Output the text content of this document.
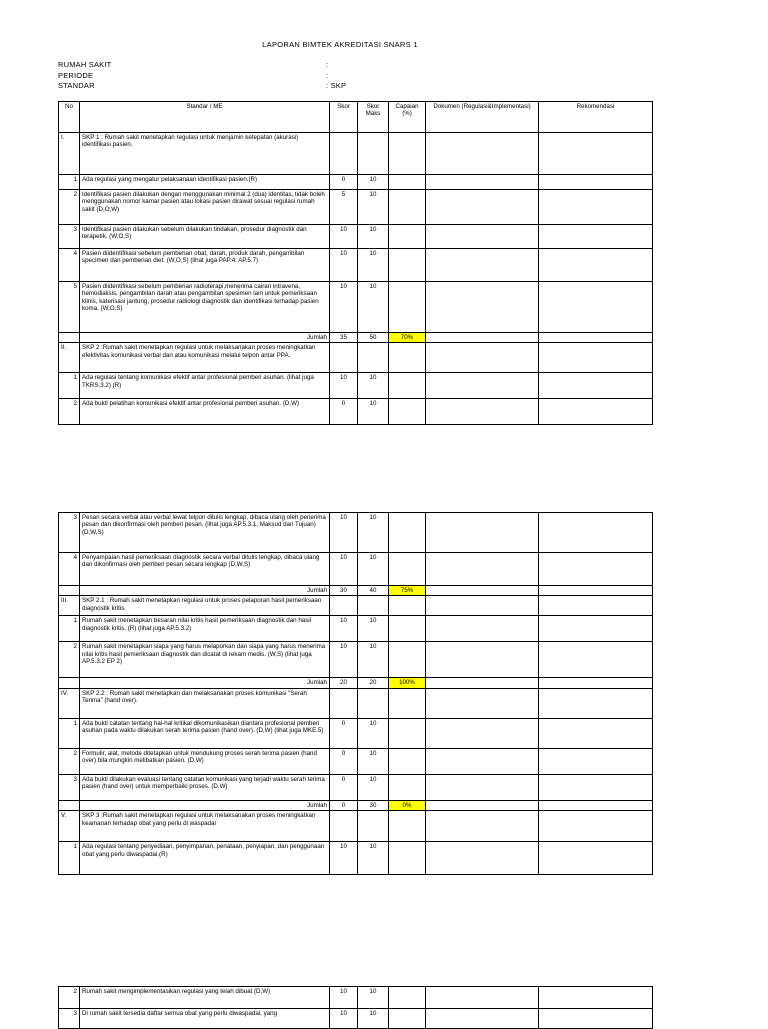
LAPORAN BIMTEK AKREDITASI SNARS 1
RUMAH SAKIT	:
PERIODE	:
STANDAR	: SKP
No	Standar / ME	Skor	Skor Maks	Capaian (%)	Dokumen (Regulasi&Implementasi)	Rekomendasi
I.	SKP 1 : Rumah sakit menetapkan regulasi untuk menjamin ketepatan (akurasi) identifikasi pasien.					
1	Ada regulasi yang mengatur pelaksanaan identifikasi pasien.(R)	0	10			
2	Identifikasi pasien dilakukan dengan menggunakan minimal 2 (dua) identitas, tidak boleh menggunakan nomor kamar pasien atau lokasi pasien dirawat sesuai regulasi rumah sakit (D,O,W)	5	10			
3	Identifikasi pasien dilakukan sebelum dilakukan tindakan, prosedur diagnostik dan terapetik. (W,O,S)	10	10			
4	Pasien diidentifikasi sebelum pemberian obat, darah, produk darah, pengambilan specimen dan pemberian diet. (W,O,S) (lihat juga PAP.4; AP.5.7)	10	10			
5	Pasien diidentifikasi sebelum pemberian radioterapi,menerima cairan intravena, hemodialisis, pengambilan darah atau pengambilan spesimen lain untuk pemeriksaan klinis, katerisasi jantung, prosedur radiologi diagnostik dan identifikasi terhadap pasien koma. (W,O,S)	10	10			
	Jumlah	35	50	70%		
II.	SKP 2 :Rumah sakit menetapkan regulasi untuk melaksanakan proses meningkatkan efektivitas komunikasi verbal dan atau komunikasi melalui telpon antar PPA.					
1	Ada regulasi tentang komunikasi efektif antar profesional pemberi asuhan. (lihat juga TKRS.3.2) (R)	10	10			
2	Ada bukti pelatihan komunikasi efektif antar profesional pemberi asuhan. (D,W)	0	10			
3	Pesan secara verbal atau verbal lewat telpon ditulis lengkap, dibaca ulang oleh penerima pesan dan dikonfirmasi oleh pemberi pesan. (lihat juga AP.5.3.1, Maksud dan Tujuan) (D,W,S)	10	10			
4	Penyampaian hasil pemeriksaan diagnostik secara verbal ditulis lengkap, dibaca ulang dan dikonfirmasi oleh pemberi pesan secara lengkap (D,W,S)	10	10			
	Jumlah	30	40	75%		
III.	SKP 2.1 : Rumah sakit menetapkan regulasi untuk proses pelaporan hasil pemeriksaan diagnostik kritis.					
1	Rumah sakit menetapkan besaran nilai kritis hasil pemeriksaan diagnostik dan hasil diagnostik kritis. (R) (lihat juga AP.5.3.2)	10	10			
2	Rumah sakit menetapkan siapa yang harus melaporkan dan siapa yang harus menerima nilai kritis hasil pemeriksaan diagnostik dan dicatat di rekam medis. (W,S) (lihat juga AP.5.3.2 EP 2)	10	10			
	Jumlah	20	20	100%		
IV.	SKP 2.2 : Rumah sakit menetapkan dan melaksanakan proses komunikasi “Serah Terima” (hand over).					
1	Ada bukti catatan tentang hal-hal kritikal dikomunikasikan diantara profesional pemberi asuhan pada waktu dilakukan serah terima pasien (hand over). (D,W) (lihat juga MKE.5)	0	10			
2	Formulir, alat, metode ditetapkan untuk mendukung proses serah terima pasien (hand over) bila mungkin melibatkan pasien. (D,W)	0	10			
3	Ada bukti dilakukan evaluasi tentang catatan komunikasi yang terjadi waktu serah terima pasien (hand over) untuk memperbaiki proses. (D,W)	0	10			
	Jumlah	0	30	0%		
V.	SKP 3 :Rumah sakit menetapkan regulasi untuk melaksanakan proses meningkatkan keamanan terhadap obat yang perlu di waspadai					
1	Ada regulasi tentang penyediaan, penyimpanan, penataan, penyiapan, dan penggunaan obat yang perlu diwaspadai.(R)	10	10			
2	Rumah sakit mengimplementasikan regulasi yang telah dibuat (D,W)	10	10			
3	Di rumah sakit tersedia daftar semua obat yang perlu diwaspadai, yang	10	10			
